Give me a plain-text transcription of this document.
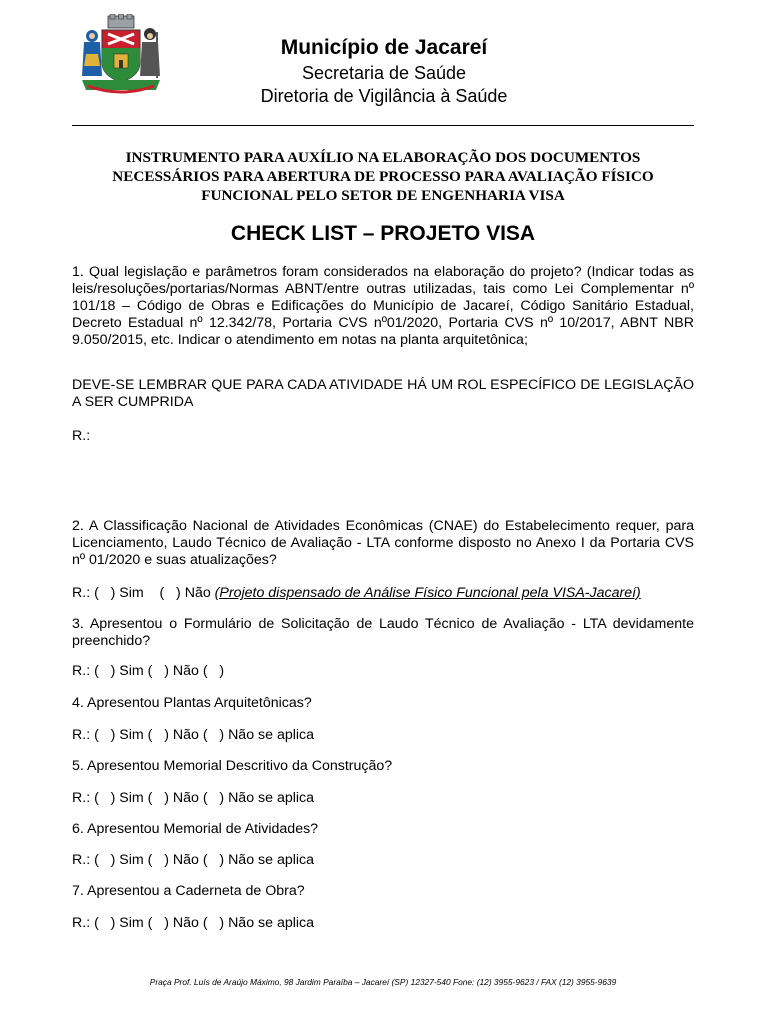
Município de Jacareí
Secretaria de Saúde
Diretoria de Vigilância à Saúde
INSTRUMENTO PARA AUXÍLIO NA ELABORAÇÃO DOS DOCUMENTOS NECESSÁRIOS PARA ABERTURA DE PROCESSO PARA AVALIAÇÃO FÍSICO FUNCIONAL PELO SETOR DE ENGENHARIA VISA
CHECK LIST – PROJETO VISA
1. Qual legislação e parâmetros foram considerados na elaboração do projeto? (Indicar todas as leis/resoluções/portarias/Normas ABNT/entre outras utilizadas, tais como Lei Complementar nº 101/18 – Código de Obras e Edificações do Município de Jacareí, Código Sanitário Estadual, Decreto Estadual nº 12.342/78, Portaria CVS nº01/2020, Portaria CVS nº 10/2017, ABNT NBR 9.050/2015, etc. Indicar o atendimento em notas na planta arquitetônica;
DEVE-SE LEMBRAR QUE PARA CADA ATIVIDADE HÁ UM ROL ESPECÍFICO DE LEGISLAÇÃO A SER CUMPRIDA
R.:
2. A Classificação Nacional de Atividades Econômicas (CNAE) do Estabelecimento requer, para Licenciamento, Laudo Técnico de Avaliação - LTA conforme disposto no Anexo I da Portaria CVS nº 01/2020 e suas atualizações?
R.: (   ) Sim    (   ) Não (Projeto dispensado de Análise Físico Funcional pela VISA-Jacareí)
3. Apresentou o Formulário de Solicitação de Laudo Técnico de Avaliação - LTA devidamente preenchido?
R.: (   ) Sim (   ) Não (   )
4. Apresentou Plantas Arquitetônicas?
R.: (   ) Sim (   ) Não (   ) Não se aplica
5. Apresentou Memorial Descritivo da Construção?
R.: (   ) Sim (   ) Não (   ) Não se aplica
6. Apresentou Memorial de Atividades?
R.: (   ) Sim (   ) Não (   ) Não se aplica
7. Apresentou a Caderneta de Obra?
R.: (   ) Sim (   ) Não (   ) Não se aplica
Praça Prof. Luís de Araújo Máximo, 98 Jardim Paraíba – Jacareí (SP) 12327-540 Fone: (12) 3955-9623 / FAX (12) 3955-9639
